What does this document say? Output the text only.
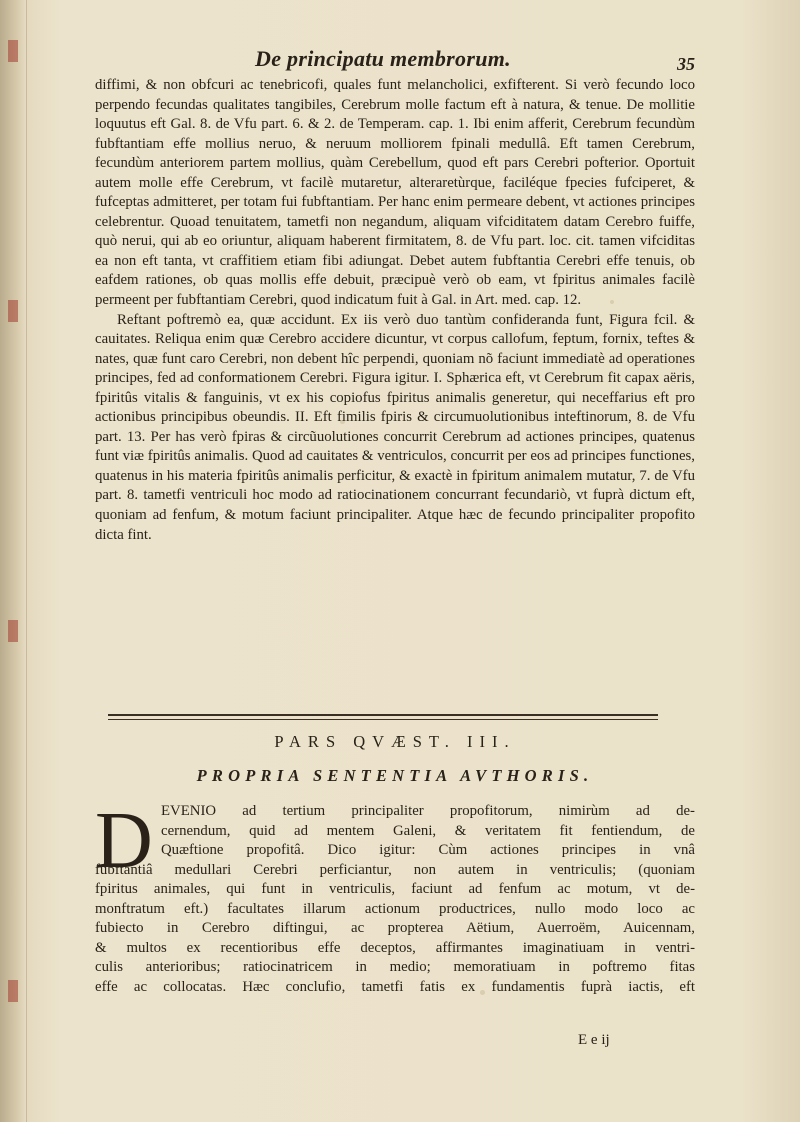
De principatu membrorum.	35

diffimi, & non obfcuri ac tenebricofi, quales funt melancholici, exfifterent. Si verò fecundo loco perpendo fecundas qualitates tangibiles, Cerebrum molle factum eft à natura, & tenue. De mollitie loquutus eft Gal. 8. de Vfu part. 6. & 2. de Temperam. cap. 1. Ibi enim afferit, Cerebrum fecundùm fubftantiam effe mollius neruo, & neruum molliorem fpinali medullâ. Eft tamen Cerebrum, fecundùm anteriorem partem mollius, quàm Cerebellum, quod eft pars Cerebri pofterior. Oportuit autem molle effe Cerebrum, vt facilè mutaretur, alteraretùrque, faciléque fpecies fufciperet, & fufceptas admitteret, per totam fui fubftantiam. Per hanc enim permeare debent, vt actiones principes celebrentur. Quoad tenuitatem, tametfi non negandum, aliquam vifciditatem datam Cerebro fuiffe, quò nerui, qui ab eo oriuntur, aliquam haberent firmitatem, 8. de Vfu part. loc. cit. tamen vifciditas ea non eft tanta, vt craffitiem etiam fibi adiungat. Debet autem fubftantia Cerebri effe tenuis, ob eafdem rationes, ob quas mollis effe debuit, præcipuè verò ob eam, vt fpiritus animales facilè permeent per fubftantiam Cerebri, quod indicatum fuit à Gal. in Art. med. cap. 12.

Reftant poftremò ea, quæ accidunt. Ex iis verò duo tantùm confideranda funt, Figura fcil. & cauitates. Reliqua enim quæ Cerebro accidere dicuntur, vt corpus callofum, feptum, fornix, teftes & nates, quæ funt caro Cerebri, non debent hîc perpendi, quoniam nõ faciunt immediatè ad operationes principes, fed ad conformationem Cerebri. Figura igitur. I. Sphærica eft, vt Cerebrum fit capax aëris, fpiritûs vitalis & fanguinis, vt ex his copiofus fpiritus animalis generetur, qui neceffarius eft pro actionibus principibus obeundis. II. Eft fimilis fpiris & circumuolutionibus inteftinorum, 8. de Vfu part. 13. Per has verò fpiras & circũuolutiones concurrit Cerebrum ad actiones principes, quatenus funt viæ fpiritûs animalis. Quod ad cauitates & ventriculos, concurrit per eos ad principes functiones, quatenus in his materia fpiritûs animalis perficitur, & exactè in fpiritum animalem mutatur, 7. de Vfu part. 8. tametfi ventriculi hoc modo ad ratiocinationem concurrant fecundariò, vt fuprà dictum eft, quoniam ad fenfum, & motum faciunt principaliter. Atque hæc de fecundo principaliter propofito dicta fint.

PARS QVÆST. III.
PROPRIA SENTENTIA AVTHORIS.
D EVENIO ad tertium principaliter propofitorum, nimirùm ad de-
cernendum, quid ad mentem Galeni, & veritatem fit fentiendum, de
Quæftione propofitâ. Dico igitur: Cùm actiones principes in vnâ
fubftantiâ medullari Cerebri perficiantur, non autem in ventriculis; (quoniam
fpiritus animales, qui funt in ventriculis, faciunt ad fenfum ac motum, vt de-
monftratum eft.) facultates illarum actionum productrices, nullo modo loco ac
fubiecto in Cerebro diftingui, ac propterea Aëtium, Auerroëm, Auicennam,
& multos ex recentioribus effe deceptos, affirmantes imaginatiuam in ventri-
culis anterioribus; ratiocinatricem in medio; memoratiuam in poftremo fitas
effe ac collocatas. Hæc conclufio, tametfi fatis ex fundamentis fuprà iactis, eft
E e ij
